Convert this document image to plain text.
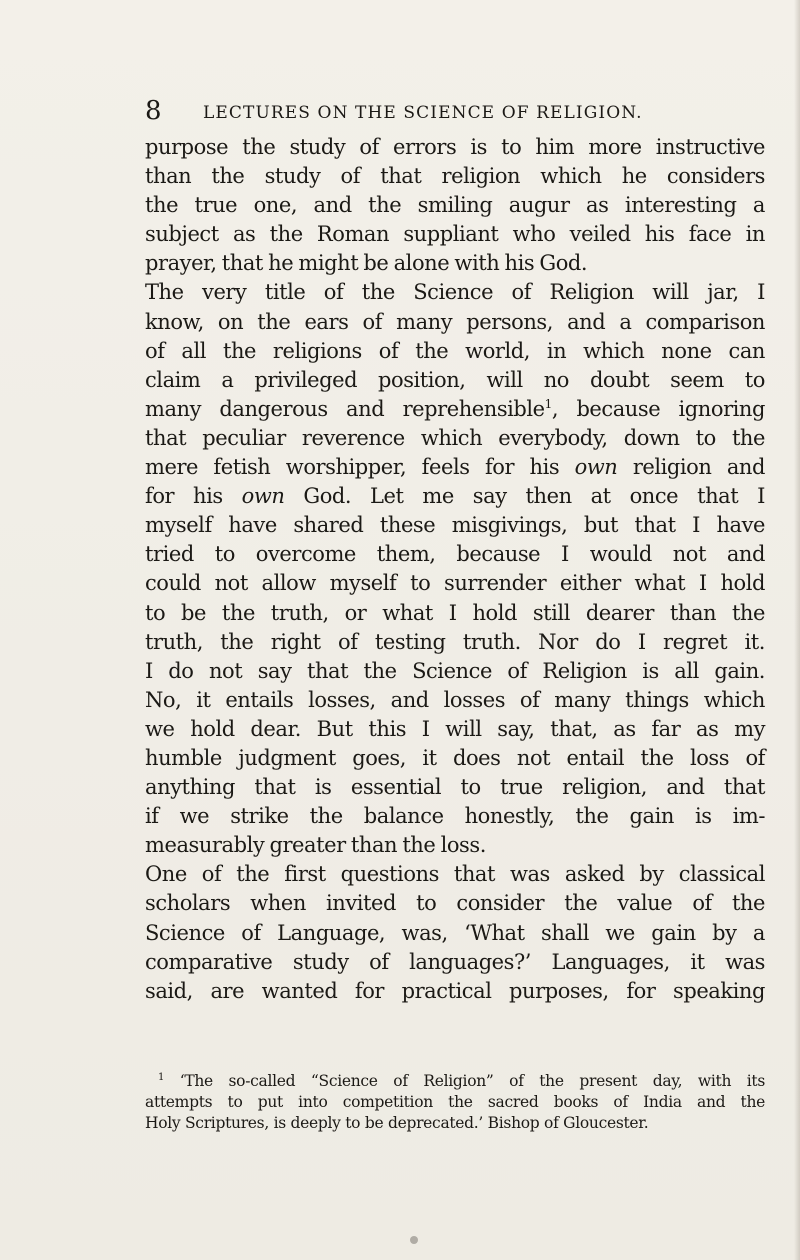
8 LECTURES ON THE SCIENCE OF RELIGION.
purpose the study of errors is to him more instructive
than the study of that religion which he considers
the true one, and the smiling augur as interesting a
subject as the Roman suppliant who veiled his face in
prayer, that he might be alone with his God.
The very title of the Science of Religion will jar, I
know, on the ears of many persons, and a comparison
of all the religions of the world, in which none can
claim a privileged position, will no doubt seem to
many dangerous and reprehensible$^1$, because ignoring
that peculiar reverence which everybody, down to the
mere fetish worshipper, feels for his own religion and
for his own God. Let me say then at once that I
myself have shared these misgivings, but that I have
tried to overcome them, because I would not and
could not allow myself to surrender either what I hold
to be the truth, or what I hold still dearer than the
truth, the right of testing truth. Nor do I regret it.
I do not say that the Science of Religion is all gain.
No, it entails losses, and losses of many things which
we hold dear. But this I will say, that, as far as my
humble judgment goes, it does not entail the loss of
anything that is essential to true religion, and that
if we strike the balance honestly, the gain is im-
measurably greater than the loss.
One of the first questions that was asked by classical
scholars when invited to consider the value of the
Science of Language, was, ‘What shall we gain by a
comparative study of languages?’ Languages, it was
said, are wanted for practical purposes, for speaking
$^1$ ‘The so-called “Science of Religion” of the present day, with its
attempts to put into competition the sacred books of India and the
Holy Scriptures, is deeply to be deprecated.’ Bishop of Gloucester.
